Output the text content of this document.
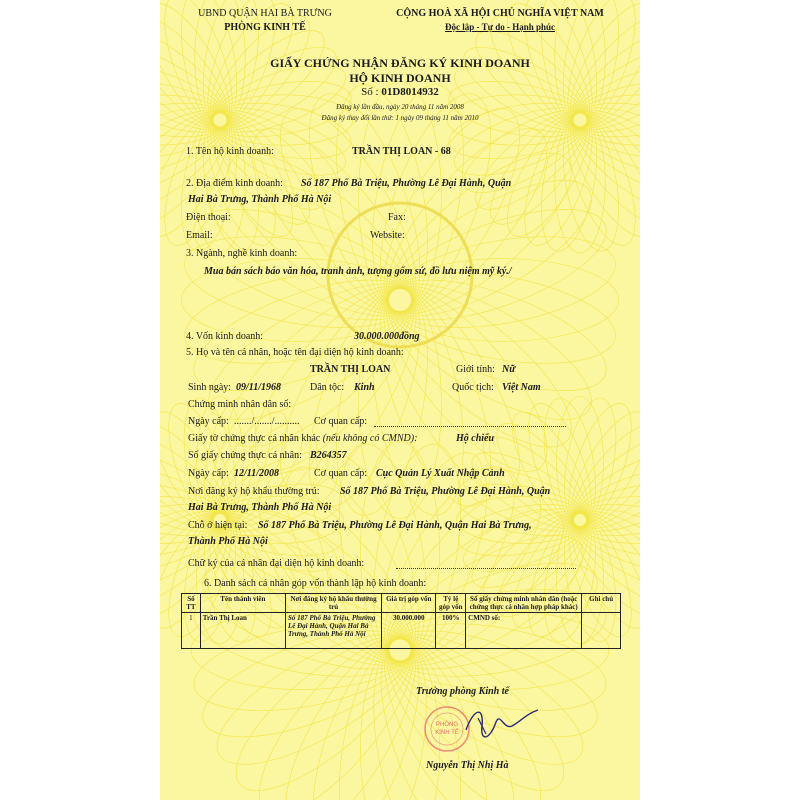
UBND QUẬN HAI BÀ TRƯNG
PHÒNG KINH TẾ
CỘNG HOÀ XÃ HỘI CHỦ NGHĨA VIỆT NAM
Độc lập - Tự do - Hạnh phúc
GIẤY CHỨNG NHẬN ĐĂNG KÝ KINH DOANH
HỘ KINH DOANH
Số : 01D8014932
Đăng ký lần đầu, ngày 20 tháng 11 năm 2008
Đăng ký thay đổi lần thứ: 1 ngày 09 tháng 11 năm 2010
1. Tên hộ kinh doanh:	TRẦN THỊ LOAN - 68
2. Địa điểm kinh doanh: Số 187 Phố Bà Triệu, Phường Lê Đại Hành, Quận
Hai Bà Trưng, Thành Phố Hà Nội
Điện thoại:	Fax:
Email:	Website:
3. Ngành, nghề kinh doanh:
Mua bán sách báo văn hóa, tranh ảnh, tượng gốm sứ, đồ lưu niệm mỹ ký./
4. Vốn kinh doanh:	30.000.000đồng
5. Họ và tên cá nhân, hoặc tên đại diện hộ kinh doanh:
TRẦN THỊ LOAN	Giới tính: Nữ
Sinh ngày: 09/11/1968	Dân tộc: Kinh	Quốc tịch: Việt Nam
Chứng minh nhân dân số:
Ngày cấp: ......./......./.......... Cơ quan cấp:
Giấy tờ chứng thực cá nhân khác (nếu không có CMND):	Hộ chiếu
Số giấy chứng thực cá nhân: B264357
Ngày cấp: 12/11/2008	Cơ quan cấp: Cục Quản Lý Xuất Nhập Cảnh
Nơi đăng ký hộ khẩu thường trú: Số 187 Phố Bà Triệu, Phường Lê Đại Hành, Quận
Hai Bà Trưng, Thành Phố Hà Nội
Chỗ ở hiện tại: Số 187 Phố Bà Triệu, Phường Lê Đại Hành, Quận Hai Bà Trưng,
Thành Phố Hà Nội
Chữ ký của cá nhân đại diện hộ kinh doanh:
6. Danh sách cá nhân góp vốn thành lập hộ kinh doanh:
Số TT	Tên thành viên	Nơi đăng ký hộ khẩu thường trú	Giá trị góp vốn	Tỷ lệ góp vốn	Số giấy chứng minh nhân dân (hoặc chứng thực cá nhân hợp pháp khác)	Ghi chú
1	Trần Thị Loan	Số 187 Phố Bà Triệu, Phường Lê Đại Hành, Quận Hai Bà Trưng, Thành Phố Hà Nội	30.000.000	100%	CMND số:	
Trưởng phòng Kinh tế
PHÒNG
KINH TẾ
Nguyễn Thị Nhị Hà
